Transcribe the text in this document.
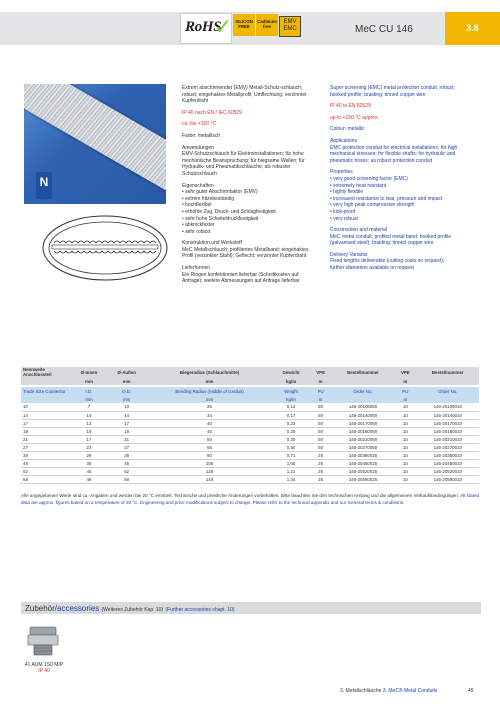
RoHS
✓ SILICON FREE
Cadmium free
EMV EMC	MeC CU 146	3.8
N
Extrem abschirmender (EMV) Metall-Schutz-schlauch; robust; eingehaktes Metallprofil; Umflechtung: verzinnter Kupferdraht
IP 40 nach EN / IEC 60529
ca. bis +150 °C
Farbe: metallisch
Anwendungen
EMV-Schutzschlauch für Elektroinstallationen; für hohe mechanische Beanspruchung; für biegsame Wellen; für Hydraulik- und Pneumatikschläuche; als robuster Schutzschlauch
Eigenschaften
• sehr guter Abschirmfaktor (EMV)
• extrem hitzebeständig
• hochflexibel
• erhöhte Zug, Druck- und Schlagfestigkeit
• sehr hohe Scheiteldruckfestigkeit
• abknickfester
• sehr robust
Konstruktion und Werkstoff
MeC Metallschlauch; profiliertes Metallband: eingehaktes Profil (verzinkter Stahl); Geflecht: verzinnter Kupferdraht
Lieferformen
Ein Ringen konfektioniert lieferbar (Schnittkosten auf Anfrage); weitere Abmessungen auf Anfrage lieferbar
Super screening (EMC) metal protection conduit; robust; hooked profile; braiding: tinned copper wire
IP 40 to EN 60529
up to +150 °C approx.
Colour: metallic
Applications
EMC protection conduit for electrical installations; for high mechanical stresses; for flexible shafts; for hydraulic and pneumatic hoses; as robust protection conduit
Properties
• very good screening factor (EMC)
• extremely heat resistant
• highly flexible
• increased resistance to tear, pressure and impact
• very high peak compressive strength
• kink-proof
• very robust
Construction and material
MeC metal conduit; profiled metal band: hooked profile (galvanised steel); braiding: tinned copper wire
Delivery Variants
Fixed lengths deliverable (cutting costs on request); further diameters available on request
Nennweite Anschlussteil	Ø-Innen	Ø-Außen	Biegeradius (Schlauchmitte)	Gewicht	VPE	Bestellnummer	VPE	Bestellnummer
	mm	mm	mm	kg/m	m		m	

Trade Size Connector	I.D.	O.D.	Bending Radius (middle of conduit)	Weight	PU	Order No.	PU	Order No.
	mm	mm	mm	kg/m	m		m	
10	7	10	25	0,12	50	145-20106050	10	145-20106010
14	10	14	34	0,17	50	145-20140050	10	145-20140010
17	13	17	40	0,23	50	145-20170050	10	145-20170010
18	15	18	45	0,25	50	145-20180050	10	145-20180010
21	17	21	50	0,30	50	145-20210050	10	145-20210010
27	22	27	65	0,50	50	145-20270050	10	145-20270010
38	28	38	80	0,71	25	145-20380025	10	145-20380010
45	35	45	105	1,00	25	145-20450025	10	145-20450010
52	45	52	125	1,21	25	145-20520025	10	145-20520010
58	48	58	140	1,34	25	145-20580025	10	145-20580010
Alle angegebenen Werte sind ca.-Angaben und werden bei 20 °C ermittelt. Technische und preisliche Änderungen vorbehalten. Bitte beachten Sie den technischen Anhang und die allgemeinen Verkaufsbedingungen. All stated data are approx. figures based on a temperature of 20 °C. Engineering and price modifications subject to change. Please refer to the technical appendix and our General terms & conditions.
Zubehör/accessories (Weiteres Zubehör Kap. 10) (Further accessories chapt. 10)
41 AUM 1S0 M/P
IP 40
3. Metallschläuche 3. MeC® Metal Conduits	49
